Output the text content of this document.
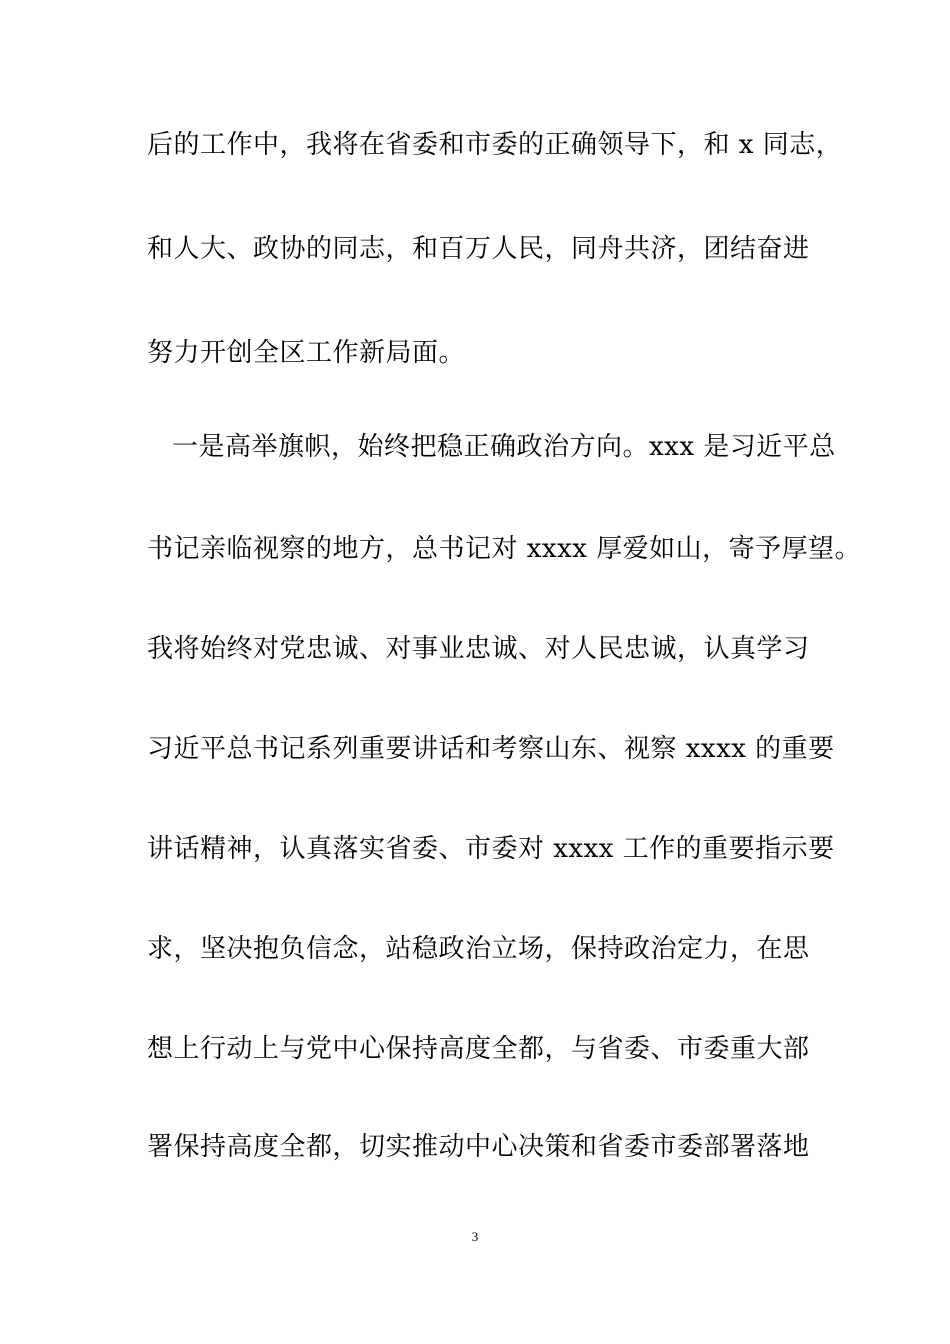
后的工作中，我将在省委和市委的正确领导下，和 x 同志，
和人大、政协的同志，和百万人民，同舟共济，团结奋进
努力开创全区工作新局面。
一是高举旗帜，始终把稳正确政治方向。xxx 是习近平总
书记亲临视察的地方，总书记对 xxxx 厚爱如山，寄予厚望。
我将始终对党忠诚、对事业忠诚、对人民忠诚，认真学习
习近平总书记系列重要讲话和考察山东、视察 xxxx 的重要
讲话精神，认真落实省委、市委对 xxxx 工作的重要指示要
求，坚决抱负信念，站稳政治立场，保持政治定力，在思
想上行动上与党中心保持高度全都，与省委、市委重大部
署保持高度全都，切实推动中心决策和省委市委部署落地
3
